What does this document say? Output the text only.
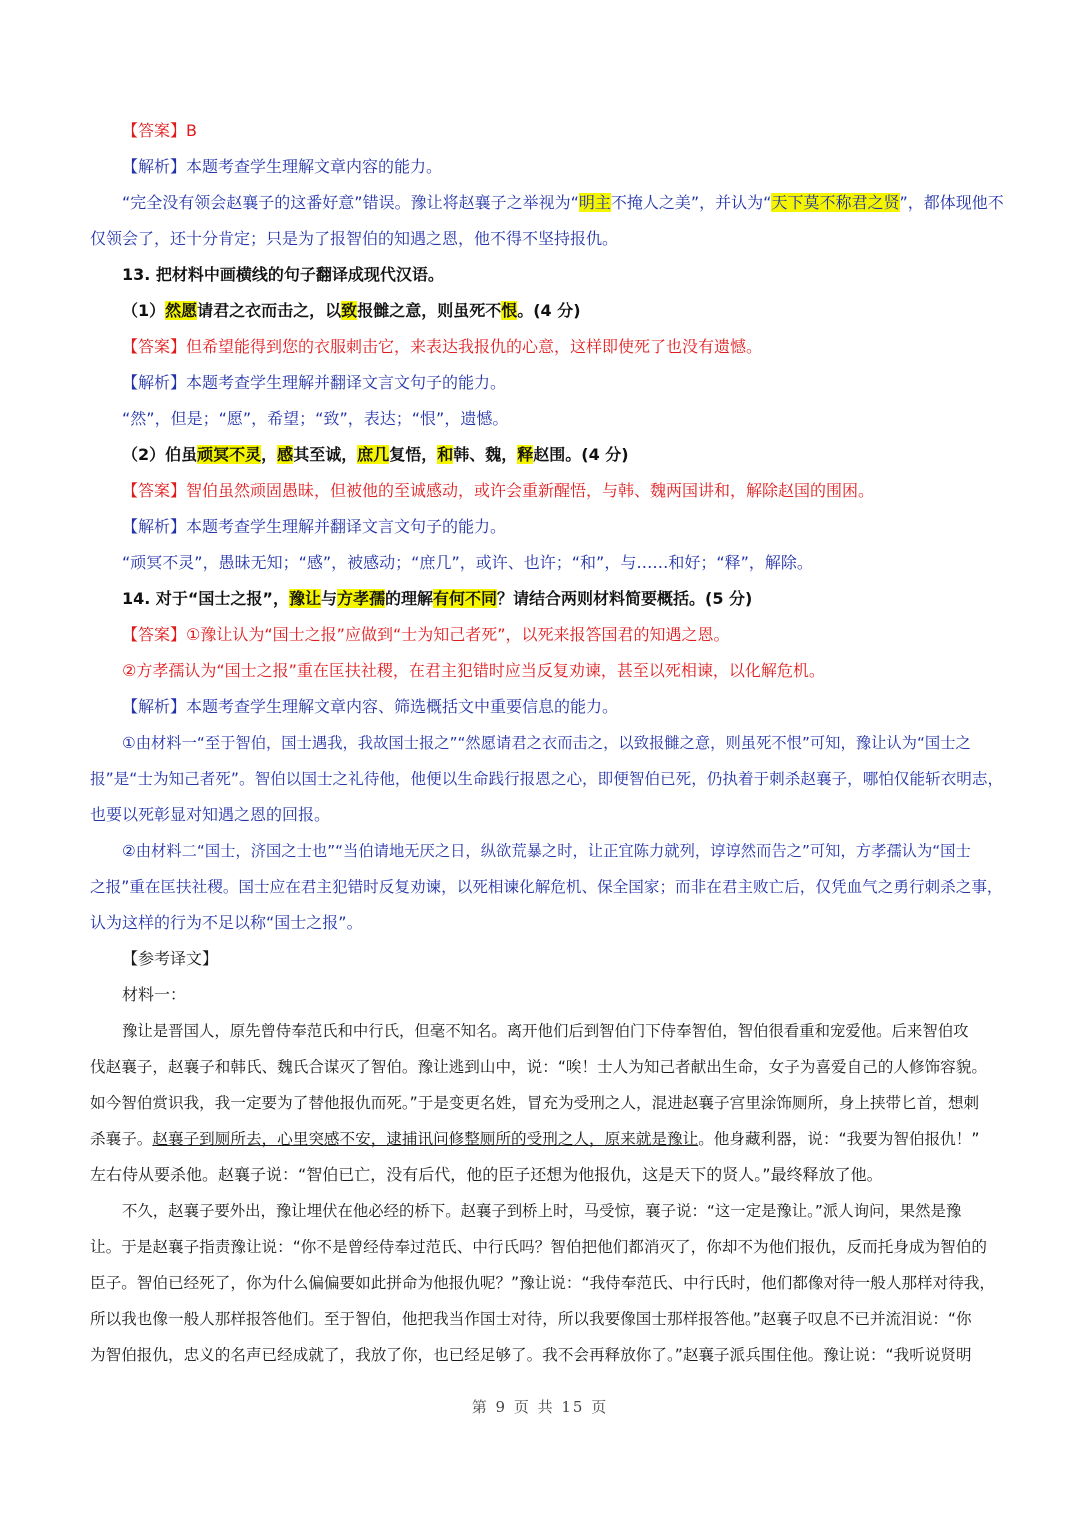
【答案】B
【解析】本题考查学生理解文章内容的能力。
“完全没有领会赵襄子的这番好意”错误。豫让将赵襄子之举视为“明主不掩人之美”，并认为“天下莫不称君之贤”，都体现他不
仅领会了，还十分肯定；只是为了报智伯的知遇之恩，他不得不坚持报仇。
13. 把材料中画横线的句子翻译成现代汉语。
（1）然愿请君之衣而击之，以致报雠之意，则虽死不恨。(4 分)
【答案】但希望能得到您的衣服刺击它，来表达我报仇的心意，这样即使死了也没有遗憾。
【解析】本题考查学生理解并翻译文言文句子的能力。
“然”，但是；“愿”，希望；“致”，表达；“恨”，遗憾。
（2）伯虽顽冥不灵，感其至诚，庶几复悟，和韩、魏，释赵围。(4 分)
【答案】智伯虽然顽固愚昧，但被他的至诚感动，或许会重新醒悟，与韩、魏两国讲和，解除赵国的围困。
【解析】本题考查学生理解并翻译文言文句子的能力。
“顽冥不灵”，愚昧无知；“感”，被感动；“庶几”，或许、也许；“和”，与……和好；“释”，解除。
14. 对于“国士之报”，豫让与方孝孺的理解有何不同？请结合两则材料简要概括。(5 分)
【答案】①豫让认为“国士之报”应做到“士为知己者死”，以死来报答国君的知遇之恩。
②方孝孺认为“国士之报”重在匡扶社稷，在君主犯错时应当反复劝谏，甚至以死相谏，以化解危机。
【解析】本题考查学生理解文章内容、筛选概括文中重要信息的能力。
①由材料一“至于智伯，国士遇我，我故国士报之”“然愿请君之衣而击之，以致报雠之意，则虽死不恨”可知，豫让认为“国士之
报”是“士为知己者死”。智伯以国士之礼待他，他便以生命践行报恩之心，即便智伯已死，仍执着于刺杀赵襄子，哪怕仅能斩衣明志，
也要以死彰显对知遇之恩的回报。
②由材料二“国士，济国之士也”“当伯请地无厌之日，纵欲荒暴之时，让正宜陈力就列，谆谆然而告之”可知，方孝孺认为“国士
之报”重在匡扶社稷。国士应在君主犯错时反复劝谏，以死相谏化解危机、保全国家；而非在君主败亡后，仅凭血气之勇行刺杀之事，
认为这样的行为不足以称“国士之报”。
【参考译文】
材料一：
豫让是晋国人，原先曾侍奉范氏和中行氏，但毫不知名。离开他们后到智伯门下侍奉智伯，智伯很看重和宠爱他。后来智伯攻
伐赵襄子，赵襄子和韩氏、魏氏合谋灭了智伯。豫让逃到山中，说：“唉！士人为知己者献出生命，女子为喜爱自己的人修饰容貌。
如今智伯赏识我，我一定要为了替他报仇而死。”于是变更名姓，冒充为受刑之人，混进赵襄子宫里涂饰厕所，身上挟带匕首，想刺
杀襄子。赵襄子到厕所去，心里突感不安，逮捕讯问修整厕所的受刑之人，原来就是豫让。他身藏利器，说：“我要为智伯报仇！”
左右侍从要杀他。赵襄子说：“智伯已亡，没有后代，他的臣子还想为他报仇，这是天下的贤人。”最终释放了他。
不久，赵襄子要外出，豫让埋伏在他必经的桥下。赵襄子到桥上时，马受惊，襄子说：“这一定是豫让。”派人询问，果然是豫
让。于是赵襄子指责豫让说：“你不是曾经侍奉过范氏、中行氏吗？智伯把他们都消灭了，你却不为他们报仇，反而托身成为智伯的
臣子。智伯已经死了，你为什么偏偏要如此拼命为他报仇呢？”豫让说：“我侍奉范氏、中行氏时，他们都像对待一般人那样对待我，
所以我也像一般人那样报答他们。至于智伯，他把我当作国士对待，所以我要像国士那样报答他。”赵襄子叹息不已并流泪说：“你
为智伯报仇，忠义的名声已经成就了，我放了你，也已经足够了。我不会再释放你了。”赵襄子派兵围住他。豫让说：“我听说贤明
第 9 页 共 15 页
